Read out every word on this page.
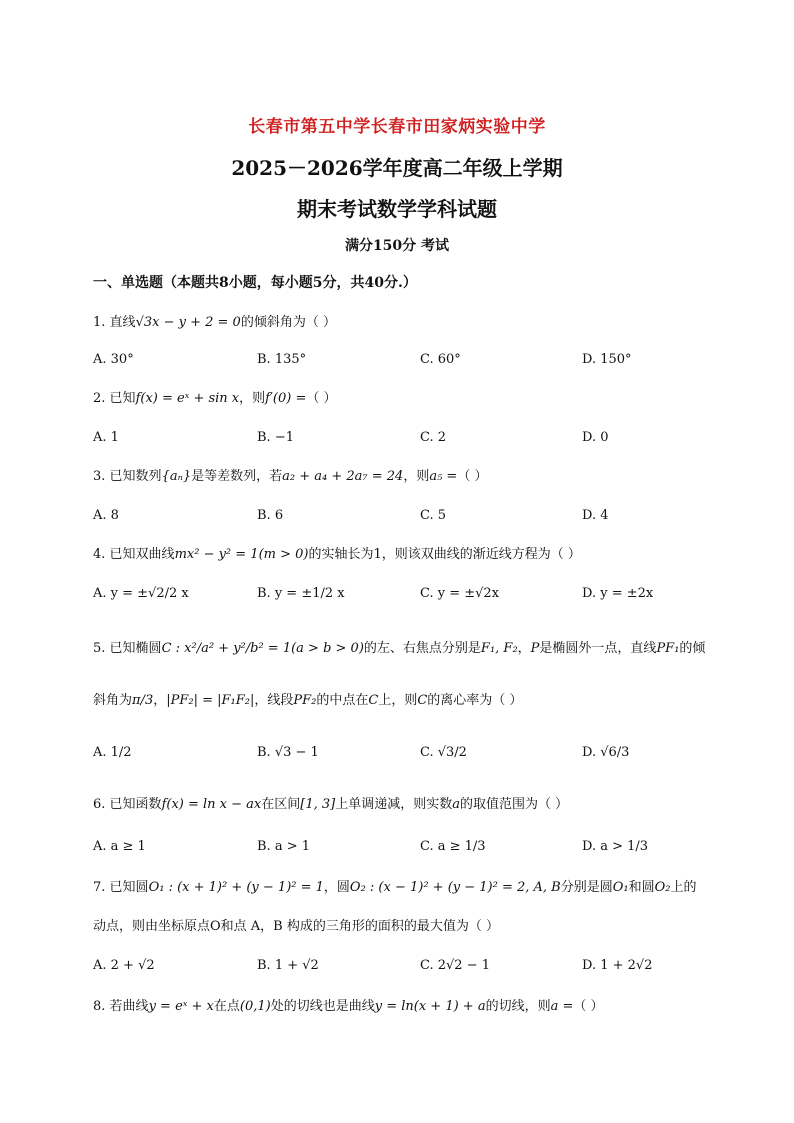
长春市第五中学长春市田家炳实验中学
2025－2026学年度高二年级上学期
期末考试数学学科试题
满分150分 考试
一、单选题（本题共8小题，每小题5分，共40分.）
1. 直线√3x − y + 2 = 0的倾斜角为（ ）
A. 30°	B. 135°	C. 60°	D. 150°
2. 已知f(x) = eˣ + sin x，则f′(0) =（ ）
A. 1	B. −1	C. 2	D. 0
3. 已知数列{aₙ}是等差数列，若a₂ + a₄ + 2a₇ = 24，则a₅ =（ ）
A. 8	B. 6	C. 5	D. 4
4. 已知双曲线mx² − y² = 1(m > 0)的实轴长为1，则该双曲线的渐近线方程为（ ）
A. y = ±√2/2 x	B. y = ±1/2 x	C. y = ±√2x	D. y = ±2x
5. 已知椭圆C : x²/a² + y²/b² = 1(a > b > 0)的左、右焦点分别是F₁, F₂，P是椭圆外一点，直线PF₁的倾
斜角为π/3，|PF₂| = |F₁F₂|，线段PF₂的中点在C上，则C的离心率为（ ）
A. 1/2	B. √3 − 1	C. √3/2	D. √6/3
6. 已知函数f(x) = ln x − ax在区间[1, 3]上单调递减，则实数a的取值范围为（ ）
A. a ≥ 1	B. a > 1	C. a ≥ 1/3	D. a > 1/3
7. 已知圆O₁ : (x + 1)² + (y − 1)² = 1，圆O₂ : (x − 1)² + (y − 1)² = 2, A, B分别是圆O₁和圆O₂上的
动点，则由坐标原点O和点 A，B 构成的三角形的面积的最大值为（ ）
A. 2 + √2	B. 1 + √2	C. 2√2 − 1	D. 1 + 2√2
8. 若曲线y = eˣ + x在点(0,1)处的切线也是曲线y = ln(x + 1) + a的切线，则a =（ ）
